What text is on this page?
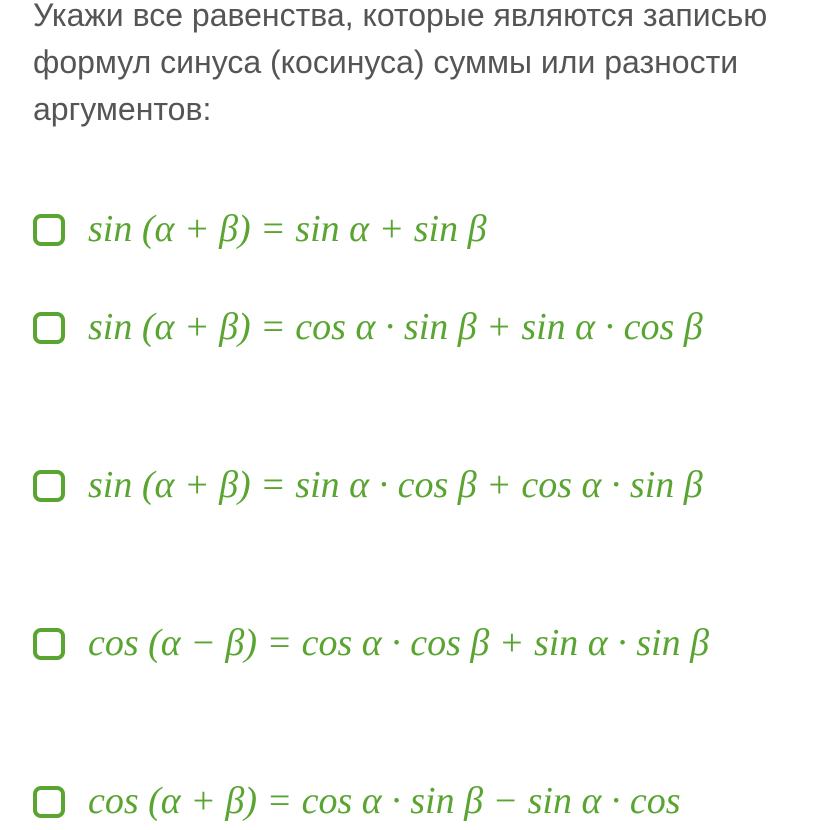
Укажи все равенства, которые являются записью формул синуса (косинуса) суммы или разности аргументов:

sin (α + β) = sin α + sin β
sin (α + β) = cos α · sin β + sin α · cos β
sin (α + β) = sin α · cos β + cos α · sin β
cos (α − β) = cos α · cos β + sin α · sin β
cos (α + β) = cos α · sin β − sin α · cos
